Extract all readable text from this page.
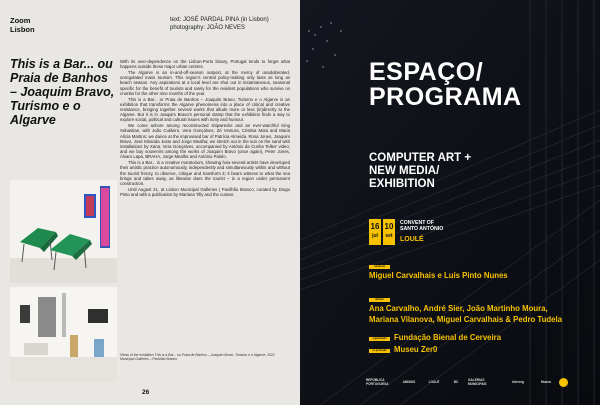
Zoom Lisbon
text: JOSÉ PARDAL PINA (in Lisbon)
photography: JOÃO NEVES
This is a Bar... ou Praia de Banhos – Joaquim Bravo, Turismo e o Algarve

With its over-dependence on the Lisbon-Porto binary, Portugal tends to forget what happens outside these major urban centres.

The Algarve is an in-and-off-season outpost, at the mercy of unadulterated, unregulated mass tourism. This region's central policy-making only lasts as long as beach season. Any aspirations at a local level are shut out in instantaneous, seasonal specific for the benefit of tourists and rarely for the resident populations who survive on crumbs for the other nine months of the year.

This is a Bar... or Praia de Banhos – Joaquim Bravo, Turismo e o Algarve is an exhibition that transforms the Algarve phenomena into a place of critical and creative resistance, bringing together several works that allude more or less (in)directly to the Algarve. But it is in Joaquim Bravo's personal stamp that the exhibition finds a way to explore social, political and cultural issues with irony and humour.

We come ashore among reconstructed shipwrecks and an ever-watchful King Sebastian, with João Cutileiro, Vera Gonçalves, Zé Ventura, Cristina Mota and Maria Alícia Martins; we dance at the improvised bar of Patrícia Almeida, Rosa Jones, Joaquim Bravo, José Miranda Justo and Jorge Mealha; we stretch out in the sun on the sand with installations by Xana, Vera Gonçalves, accompanied by António da Cunha Telles' video; and we buy souvenirs among the works of Joaquim Bravo (once again), Peter Jones, Álvaro Lapa, BRAHA, Jorge Mealha and António Palolo.

This is a Bar... is a creative moratorium, showing how several artists have developed their artistic practice autonomously, independently and simultaneously within and without the tourist frenzy, to observe, critique and transform it; it bears witness to what the sea brings and takes away, as likewise does the tourist – in a region under permanent construction.

Until August 21, at Lisbon Municipal Galleries | Pavilhão Branco, curated by Diogo Pinto and with a publication by Mariana Tilly and the curator.

Views of the exhibition This is a Bar... ou Praia de Banhos – Joaquim Bravo, Turismo e o Algarve, 2022. Municipal Galleries – Pavilhão Branco
26
ESPAÇO/
PROGRAMA
COMPUTER ART +
NEW MEDIA/
EXHIBITION
16
jul
10
set
CONVENT OF
SANTO ANTÓNIO
LOULÉ
curadores
Miguel Carvalhais e Luís Pinto Nunes
artistas
Ana Carvalho, André Sier, João Martinho Moura,
Mariana Vilanova, Miguel Carvalhais & Pedro Tudela
organização Fundação Bienal de Cerveira
co-produção Museu Zer0
REPÚBLICA PORTUGUESA	ANIMUS	LOULÉ	BC	GALERIAS MUNICIPAIS	Interreg	Museu
